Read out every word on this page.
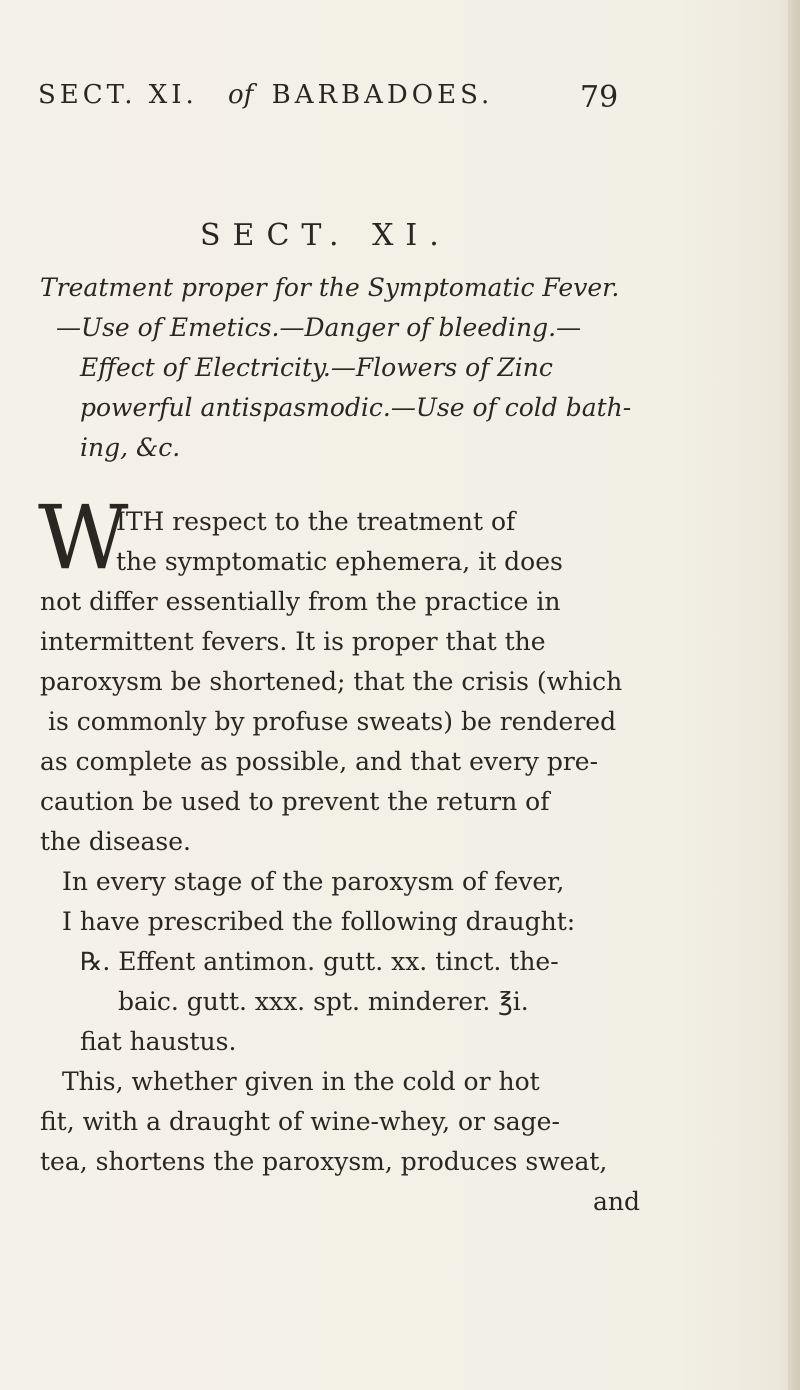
SECT. XI. of BARBADOES.	79
SECT. XI.
Treatment proper for the Symptomatic Fever.
—Use of Emetics.—Danger of bleeding.—
Effect of Electricity.—Flowers of Zinc
powerful antispasmodic.—Use of cold bath-
ing, &c.
W
ITH respect to the treatment of
the symptomatic ephemera, it does
not differ essentially from the practice in
intermittent fevers. It is proper that the
paroxysm be shortened; that the crisis (which
is commonly by profuse sweats) be rendered
as complete as possible, and that every pre-
caution be used to prevent the return of
the disease.
In every stage of the paroxysm of fever,
I have prescribed the following draught:
℞. Effent antimon. gutt. xx. tinct. the-
baic. gutt. xxx. spt. minderer. ℥i.
fiat haustus.
This, whether given in the cold or hot
fit, with a draught of wine-whey, or sage-
tea, shortens the paroxysm, produces sweat,
and
